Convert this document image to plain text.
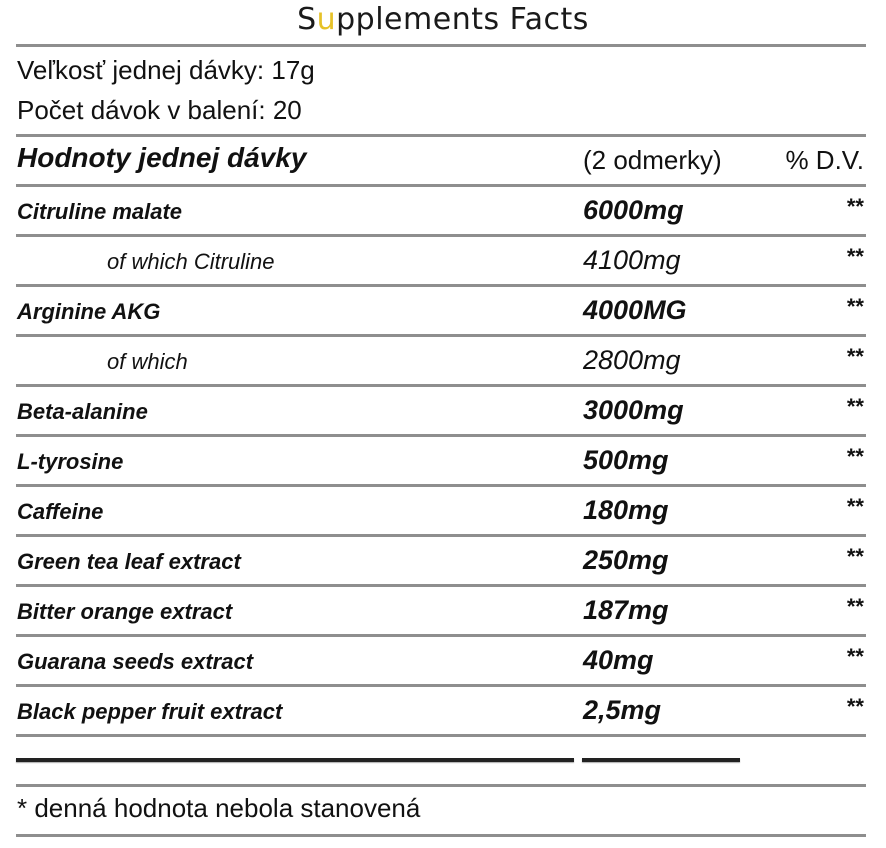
Supplements Facts
Veľkosť jednej dávky: 17g
Počet dávok v balení: 20
Hodnoty jednej dávky	(2 odmerky) % D.V.
Citruline malate	6000mg	**
of which Citruline	4100mg	**
Arginine AKG	4000MG	**
of which	2800mg	**
Beta-alanine	3000mg	**
L-tyrosine	500mg	**
Caffeine	180mg	**
Green tea leaf extract	250mg	**
Bitter orange extract	187mg	**
Guarana seeds extract	40mg	**
Black pepper fruit extract	2,5mg	**
* denná hodnota nebola stanovená
